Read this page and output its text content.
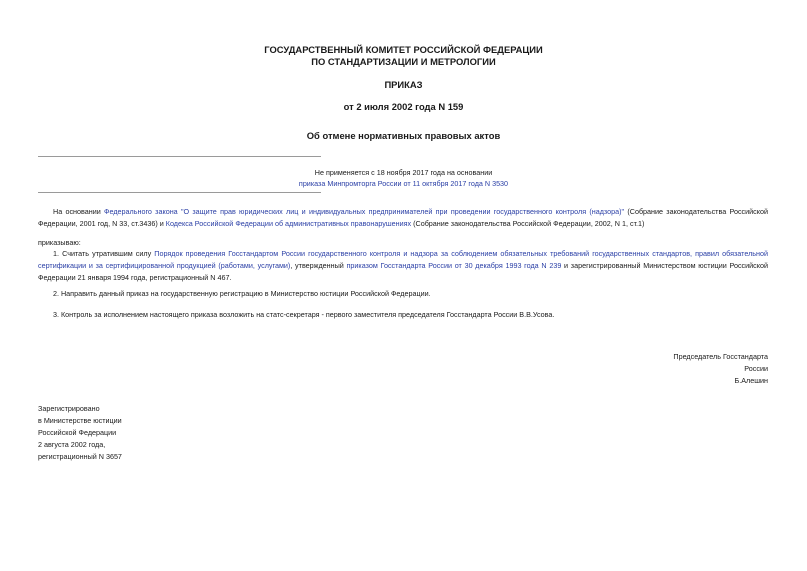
ГОСУДАРСТВЕННЫЙ КОМИТЕТ РОССИЙСКОЙ ФЕДЕРАЦИИ
ПО СТАНДАРТИЗАЦИИ И МЕТРОЛОГИИ
ПРИКАЗ
от 2 июля 2002 года N 159
Об отмене нормативных правовых актов
Не применяется с 18 ноября 2017 года на основании
приказа Минпромторга России от 11 октября 2017 года N 3530
На основании Федерального закона "О защите прав юридических лиц и индивидуальных предпринимателей при проведении государственного контроля (надзора)" (Собрание законодательства Российской Федерации, 2001 год, N 33, ст.3436) и Кодекса Российской Федерации об административных правонарушениях (Собрание законодательства Российской Федерации, 2002, N 1, ст.1)
приказываю:
1. Считать утратившим силу Порядок проведения Госстандартом России государственного контроля и надзора за соблюдением обязательных требований государственных стандартов, правил обязательной сертификации и за сертифицированной продукцией (работами, услугами), утвержденный приказом Госстандарта России от 30 декабря 1993 года N 239 и зарегистрированный Министерством юстиции Российской Федерации 21 января 1994 года, регистрационный N 467.
2. Направить данный приказ на государственную регистрацию в Министерство юстиции Российской Федерации.
3. Контроль за исполнением настоящего приказа возложить на статс-секретаря - первого заместителя председателя Госстандарта России В.В.Усова.
Председатель Госстандарта
России
Б.Алешин
Зарегистрировано
в Министерстве юстиции
Российской Федерации
2 августа 2002 года,
регистрационный N 3657
